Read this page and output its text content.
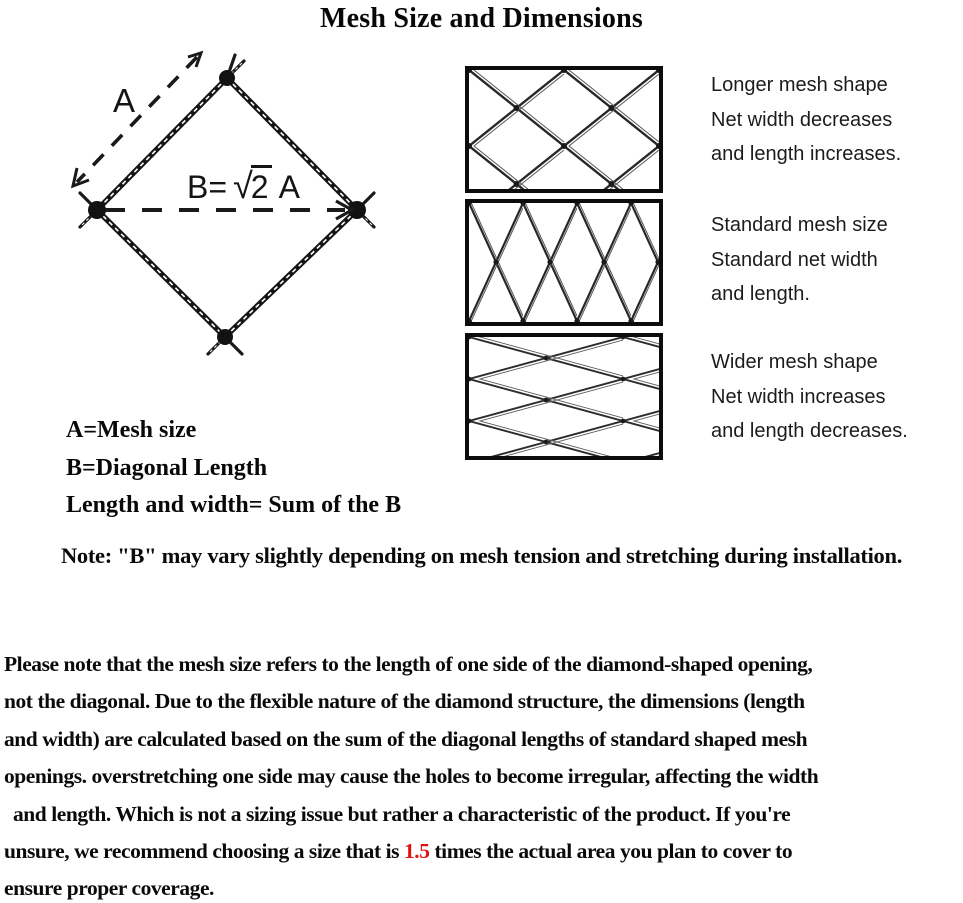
Mesh Size and Dimensions
A
B= √2 A
Longer mesh shape
Net width decreases
and length increases.
Standard mesh size
Standard net width
and length.
Wider mesh shape
Net width increases
and length decreases.
A=Mesh size
B=Diagonal Length
Length and width= Sum of the B
Note: "B" may vary slightly depending on mesh tension and stretching during installation.
Please note that the mesh size refers to the length of one side of the diamond-shaped opening,
not the diagonal. Due to the flexible nature of the diamond structure, the dimensions (length
and width) are calculated based on the sum of the diagonal lengths of standard shaped mesh
openings. overstretching one side may cause the holes to become irregular, affecting the width
and length. Which is not a sizing issue but rather a characteristic of the product. If you're
unsure, we recommend choosing a size that is 1.5 times the actual area you plan to cover to
ensure proper coverage.
